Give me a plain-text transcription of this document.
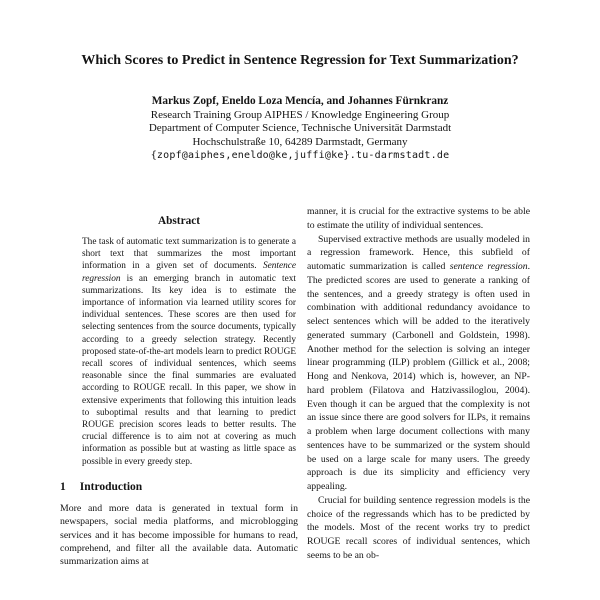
Which Scores to Predict in Sentence Regression for Text Summarization?
Markus Zopf, Eneldo Loza Mencía, and Johannes Fürnkranz
Research Training Group AIPHES / Knowledge Engineering Group
Department of Computer Science, Technische Universität Darmstadt
Hochschulstraße 10, 64289 Darmstadt, Germany
{zopf@aiphes,eneldo@ke,juffi@ke}.tu-darmstadt.de
Abstract

The task of automatic text summarization is to generate a short text that summarizes the most important information in a given set of documents. Sentence regression is an emerging branch in automatic text summarizations. Its key idea is to estimate the importance of information via learned utility scores for individual sentences. These scores are then used for selecting sentences from the source documents, typically according to a greedy selection strategy. Recently proposed state-of-the-art models learn to predict ROUGE recall scores of individual sentences, which seems reasonable since the final summaries are evaluated according to ROUGE recall. In this paper, we show in extensive experiments that following this intuition leads to suboptimal results and that learning to predict ROUGE precision scores leads to better results. The crucial difference is to aim not at covering as much information as possible but at wasting as little space as possible in every greedy step.

1 Introduction

More and more data is generated in textual form in newspapers, social media platforms, and microblogging services and it has become impossible for humans to read, comprehend, and filter all the available data. Automatic summarization aims at

manner, it is crucial for the extractive systems to be able to estimate the utility of individual sentences.

Supervised extractive methods are usually modeled in a regression framework. Hence, this subfield of automatic summarization is called sentence regression. The predicted scores are used to generate a ranking of the sentences, and a greedy strategy is often used in combination with additional redundancy avoidance to select sentences which will be added to the iteratively generated summary (Carbonell and Goldstein, 1998). Another method for the selection is solving an integer linear programming (ILP) problem (Gillick et al., 2008; Hong and Nenkova, 2014) which is, however, an NP-hard problem (Filatova and Hatzivassiloglou, 2004). Even though it can be argued that the complexity is not an issue since there are good solvers for ILPs, it remains a problem when large document collections with many sentences have to be summarized or the system should be used on a large scale for many users. The greedy approach is due its simplicity and efficiency very appealing.

Crucial for building sentence regression models is the choice of the regressands which has to be predicted by the models. Most of the recent works try to predict ROUGE recall scores of individual sentences, which seems to be an ob-
